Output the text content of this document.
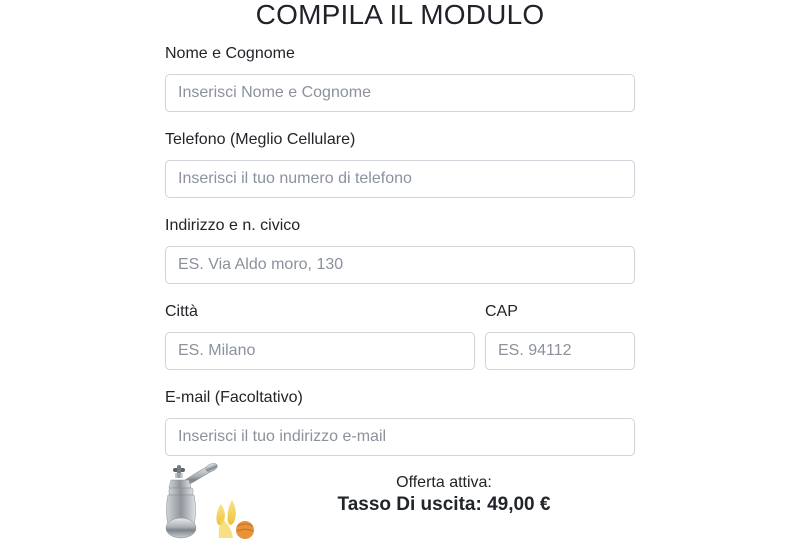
COMPILA IL MODULO
Nome e Cognome
Inserisci Nome e Cognome
Telefono (Meglio Cellulare)
Inserisci il tuo numero di telefono
Indirizzo e n. civico
ES. Via Aldo moro, 130
Città
ES. Milano	CAP
ES. 94112
E-mail (Facoltativo)
Inserisci il tuo indirizzo e-mail
Offerta attiva:
Tasso Di uscita: 49,00 €
